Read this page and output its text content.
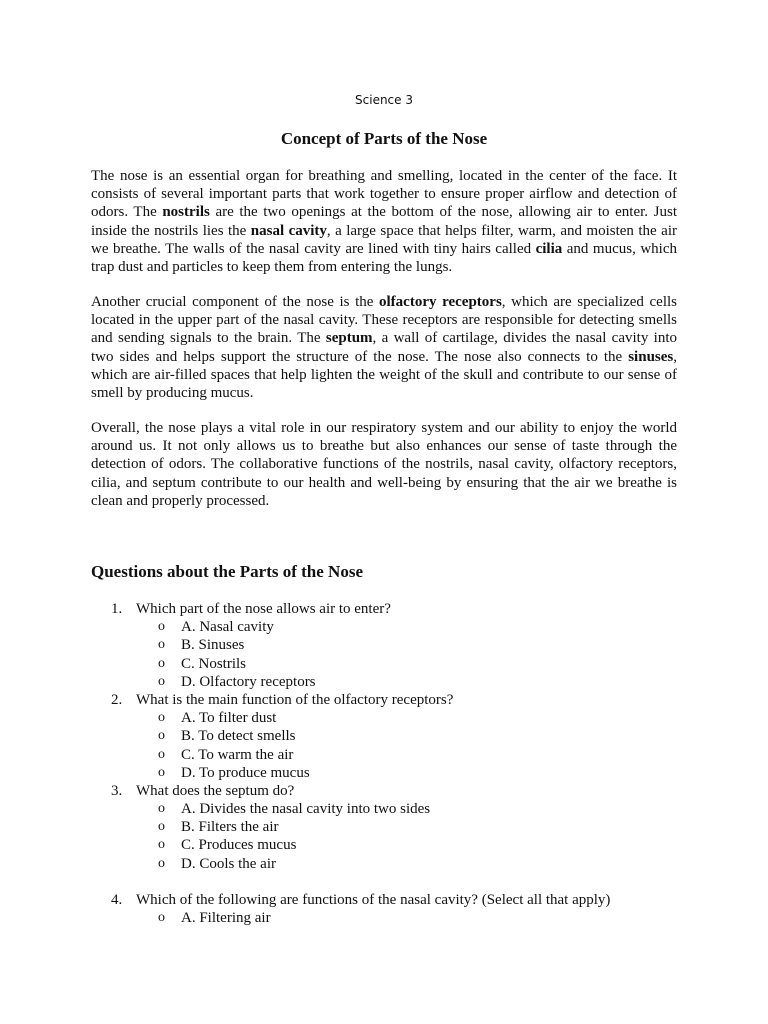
Science 3
Concept of Parts of the Nose

The nose is an essential organ for breathing and smelling, located in the center of the face. It consists of several important parts that work together to ensure proper airflow and detection of odors. The nostrils are the two openings at the bottom of the nose, allowing air to enter. Just inside the nostrils lies the nasal cavity, a large space that helps filter, warm, and moisten the air we breathe. The walls of the nasal cavity are lined with tiny hairs called cilia and mucus, which trap dust and particles to keep them from entering the lungs.

Another crucial component of the nose is the olfactory receptors, which are specialized cells located in the upper part of the nasal cavity. These receptors are responsible for detecting smells and sending signals to the brain. The septum, a wall of cartilage, divides the nasal cavity into two sides and helps support the structure of the nose. The nose also connects to the sinuses, which are air-filled spaces that help lighten the weight of the skull and contribute to our sense of smell by producing mucus.

Overall, the nose plays a vital role in our respiratory system and our ability to enjoy the world around us. It not only allows us to breathe but also enhances our sense of taste through the detection of odors. The collaborative functions of the nostrils, nasal cavity, olfactory receptors, cilia, and septum contribute to our health and well-being by ensuring that the air we breathe is clean and properly processed.

Questions about the Parts of the Nose
1. Which part of the nose allows air to enter?
o A. Nasal cavity
o B. Sinuses
o C. Nostrils
o D. Olfactory receptors
2. What is the main function of the olfactory receptors?
o A. To filter dust
o B. To detect smells
o C. To warm the air
o D. To produce mucus
3. What does the septum do?
o A. Divides the nasal cavity into two sides
o B. Filters the air
o C. Produces mucus
o D. Cools the air
4. Which of the following are functions of the nasal cavity? (Select all that apply)
o A. Filtering air
